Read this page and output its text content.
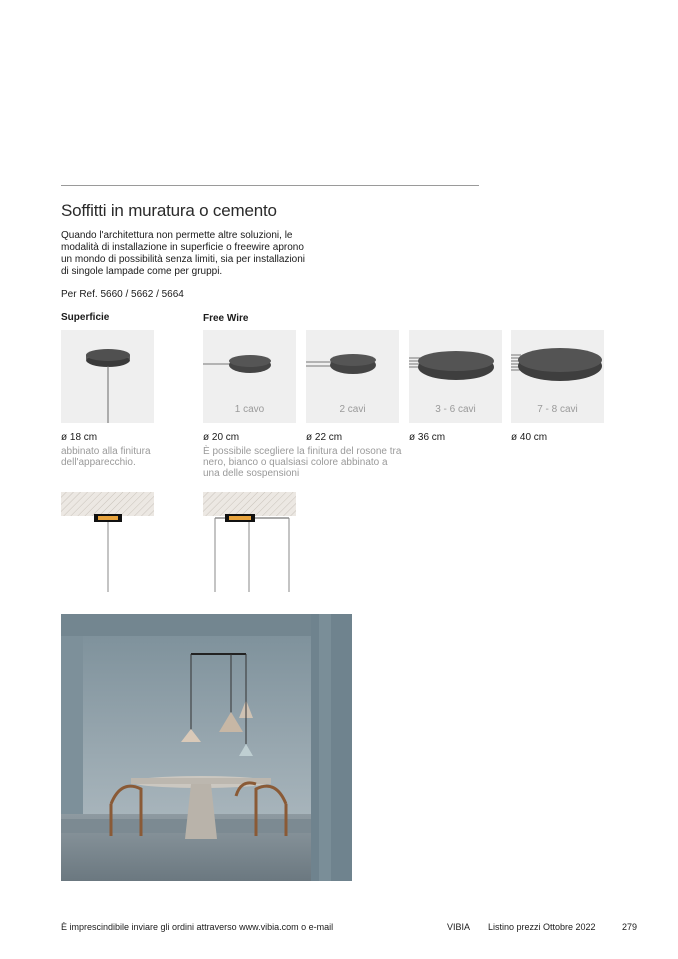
Soffitti in muratura o cemento
Quando l'architettura non permette altre soluzioni, le modalità di installazione in superficie o freewire aprono un mondo di possibilità senza limiti, sia per installazioni di singole lampade come per gruppi.
Per Ref. 5660 / 5662 / 5664
Superficie
ø 18 cm
abbinato alla finitura dell'apparecchio.
Free Wire
1 cavo	2 cavi	3 - 6 cavi	7 - 8 cavi
ø 20 cm	ø 22 cm	ø 36 cm	ø 40 cm
È possibile scegliere la finitura del rosone tra nero, bianco o qualsiasi colore abbinato a una delle sospensioni
È imprescindibile inviare gli ordini attraverso www.vibia.com o e-mail	VIBIA Listino prezzi Ottobre 2022	279
